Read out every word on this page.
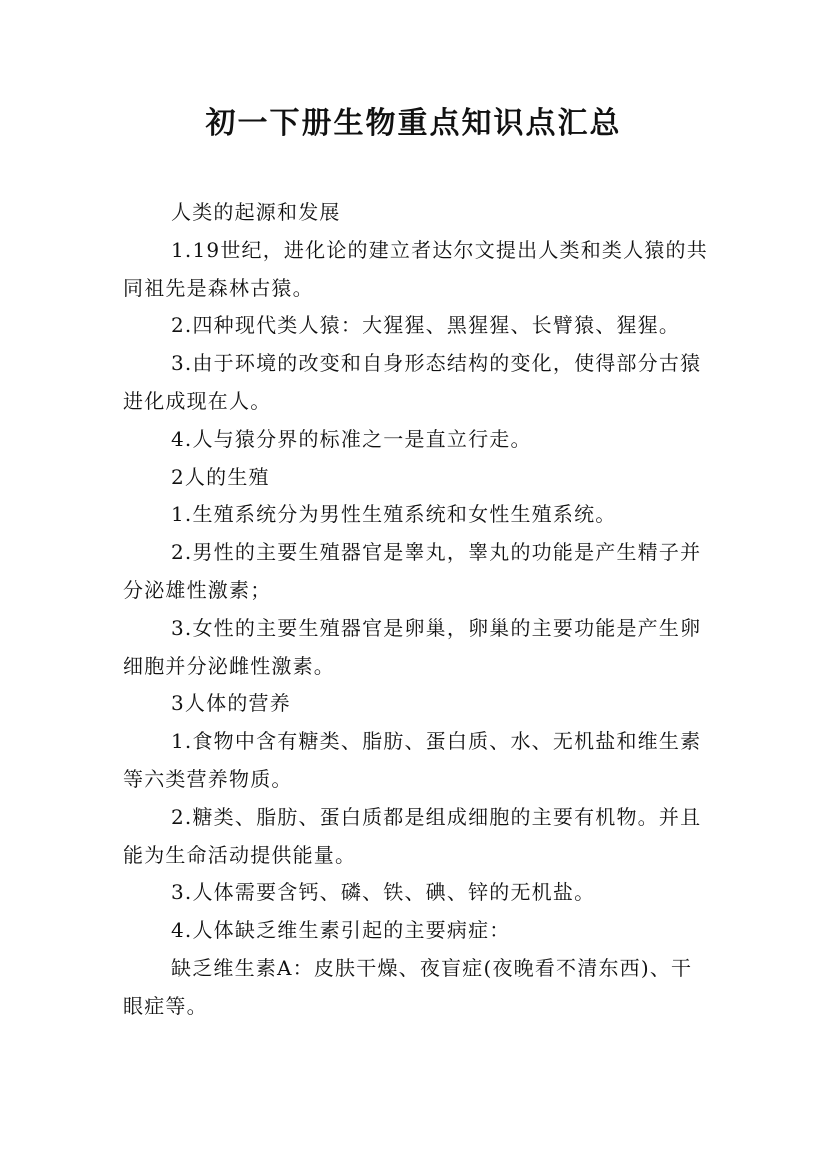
初一下册生物重点知识点汇总

人类的起源和发展

1.19世纪，进化论的建立者达尔文提出人类和类人猿的共同祖先是森林古猿。

2.四种现代类人猿：大猩猩、黑猩猩、长臂猿、猩猩。

3.由于环境的改变和自身形态结构的变化，使得部分古猿进化成现在人。

4.人与猿分界的标准之一是直立行走。

2人的生殖

1.生殖系统分为男性生殖系统和女性生殖系统。

2.男性的主要生殖器官是睾丸，睾丸的功能是产生精子并分泌雄性激素；

3.女性的主要生殖器官是卵巢，卵巢的主要功能是产生卵细胞并分泌雌性激素。

3人体的营养

1.食物中含有糖类、脂肪、蛋白质、水、无机盐和维生素等六类营养物质。

2.糖类、脂肪、蛋白质都是组成细胞的主要有机物。并且能为生命活动提供能量。

3.人体需要含钙、磷、铁、碘、锌的无机盐。

4.人体缺乏维生素引起的主要病症：

缺乏维生素A：皮肤干燥、夜盲症(夜晚看不清东西)、干眼症等。
